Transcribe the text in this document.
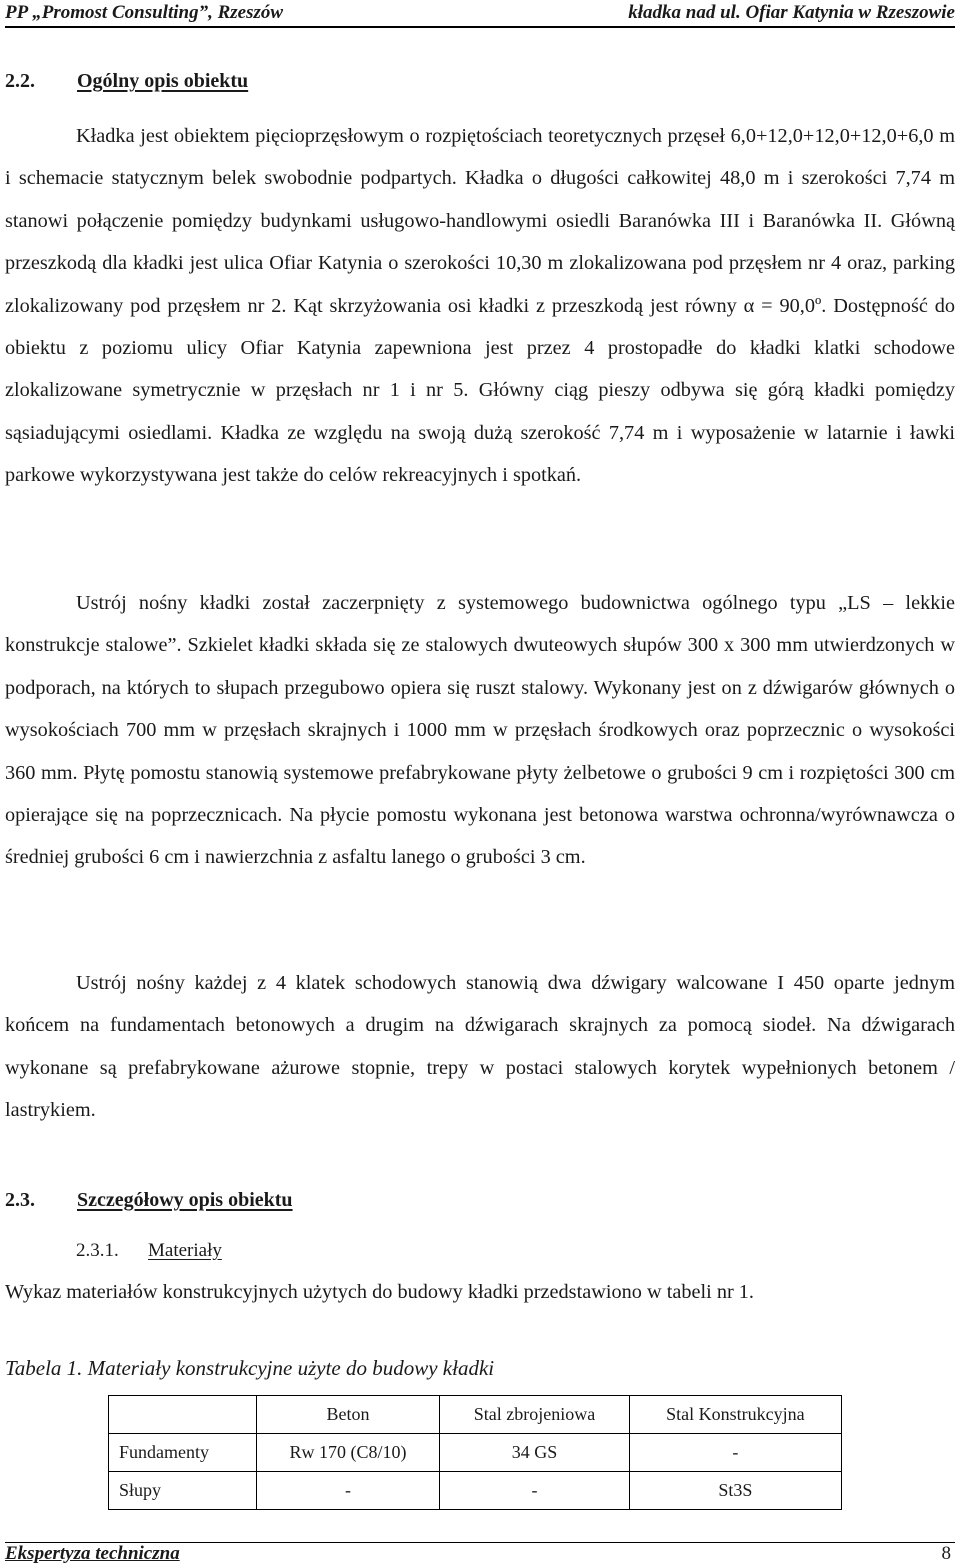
PP „Promost Consulting”, Rzeszów	kładka nad ul. Ofiar Katynia w Rzeszowie
2.2.	Ogólny opis obiektu

Kładka jest obiektem pięcioprzęsłowym o rozpiętościach teoretycznych przęseł 6,0+12,0+12,0+12,0+6,0 m i schemacie statycznym belek swobodnie podpartych. Kładka o długości całkowitej 48,0 m i szerokości 7,74 m stanowi połączenie pomiędzy budynkami usługowo-handlowymi osiedli Baranówka III i Baranówka II. Główną przeszkodą dla kładki jest ulica Ofiar Katynia o szerokości 10,30 m zlokalizowana pod przęsłem nr 4 oraz, parking zlokalizowany pod przęsłem nr 2. Kąt skrzyżowania osi kładki z przeszkodą jest równy α = 90,0º. Dostępność do obiektu z poziomu ulicy Ofiar Katynia zapewniona jest przez 4 prostopadłe do kładki klatki schodowe zlokalizowane symetrycznie w przęsłach nr 1 i nr 5. Główny ciąg pieszy odbywa się górą kładki pomiędzy sąsiadującymi osiedlami. Kładka ze względu na swoją dużą szerokość 7,74 m i wyposażenie w latarnie i ławki parkowe wykorzystywana jest także do celów rekreacyjnych i spotkań.

Ustrój nośny kładki został zaczerpnięty z systemowego budownictwa ogólnego typu „LS – lekkie konstrukcje stalowe”. Szkielet kładki składa się ze stalowych dwuteowych słupów 300 x 300 mm utwierdzonych w podporach, na których to słupach przegubowo opiera się ruszt stalowy. Wykonany jest on z dźwigarów głównych o wysokościach 700 mm w przęsłach skrajnych i 1000 mm w przęsłach środkowych oraz poprzecznic o wysokości 360 mm. Płytę pomostu stanowią systemowe prefabrykowane płyty żelbetowe o grubości 9 cm i rozpiętości 300 cm opierające się na poprzecznicach. Na płycie pomostu wykonana jest betonowa warstwa ochronna/wyrównawcza o średniej grubości 6 cm i nawierzchnia z asfaltu lanego o grubości 3 cm.

Ustrój nośny każdej z 4 klatek schodowych stanowią dwa dźwigary walcowane I 450 oparte jednym końcem na fundamentach betonowych a drugim na dźwigarach skrajnych za pomocą siodeł. Na dźwigarach wykonane są prefabrykowane ażurowe stopnie, trepy w postaci stalowych korytek wypełnionych betonem / lastrykiem.

2.3.	Szczegółowy opis obiektu
2.3.1.	Materiały

Wykaz materiałów konstrukcyjnych użytych do budowy kładki przedstawiono w tabeli nr 1.

Tabela 1. Materiały konstrukcyjne użyte do budowy kładki
	Beton	Stal zbrojeniowa	Stal Konstrukcyjna
Fundamenty	Rw 170 (C8/10)	34 GS	-
Słupy	-	-	St3S
Ekspertyza techniczna	8
